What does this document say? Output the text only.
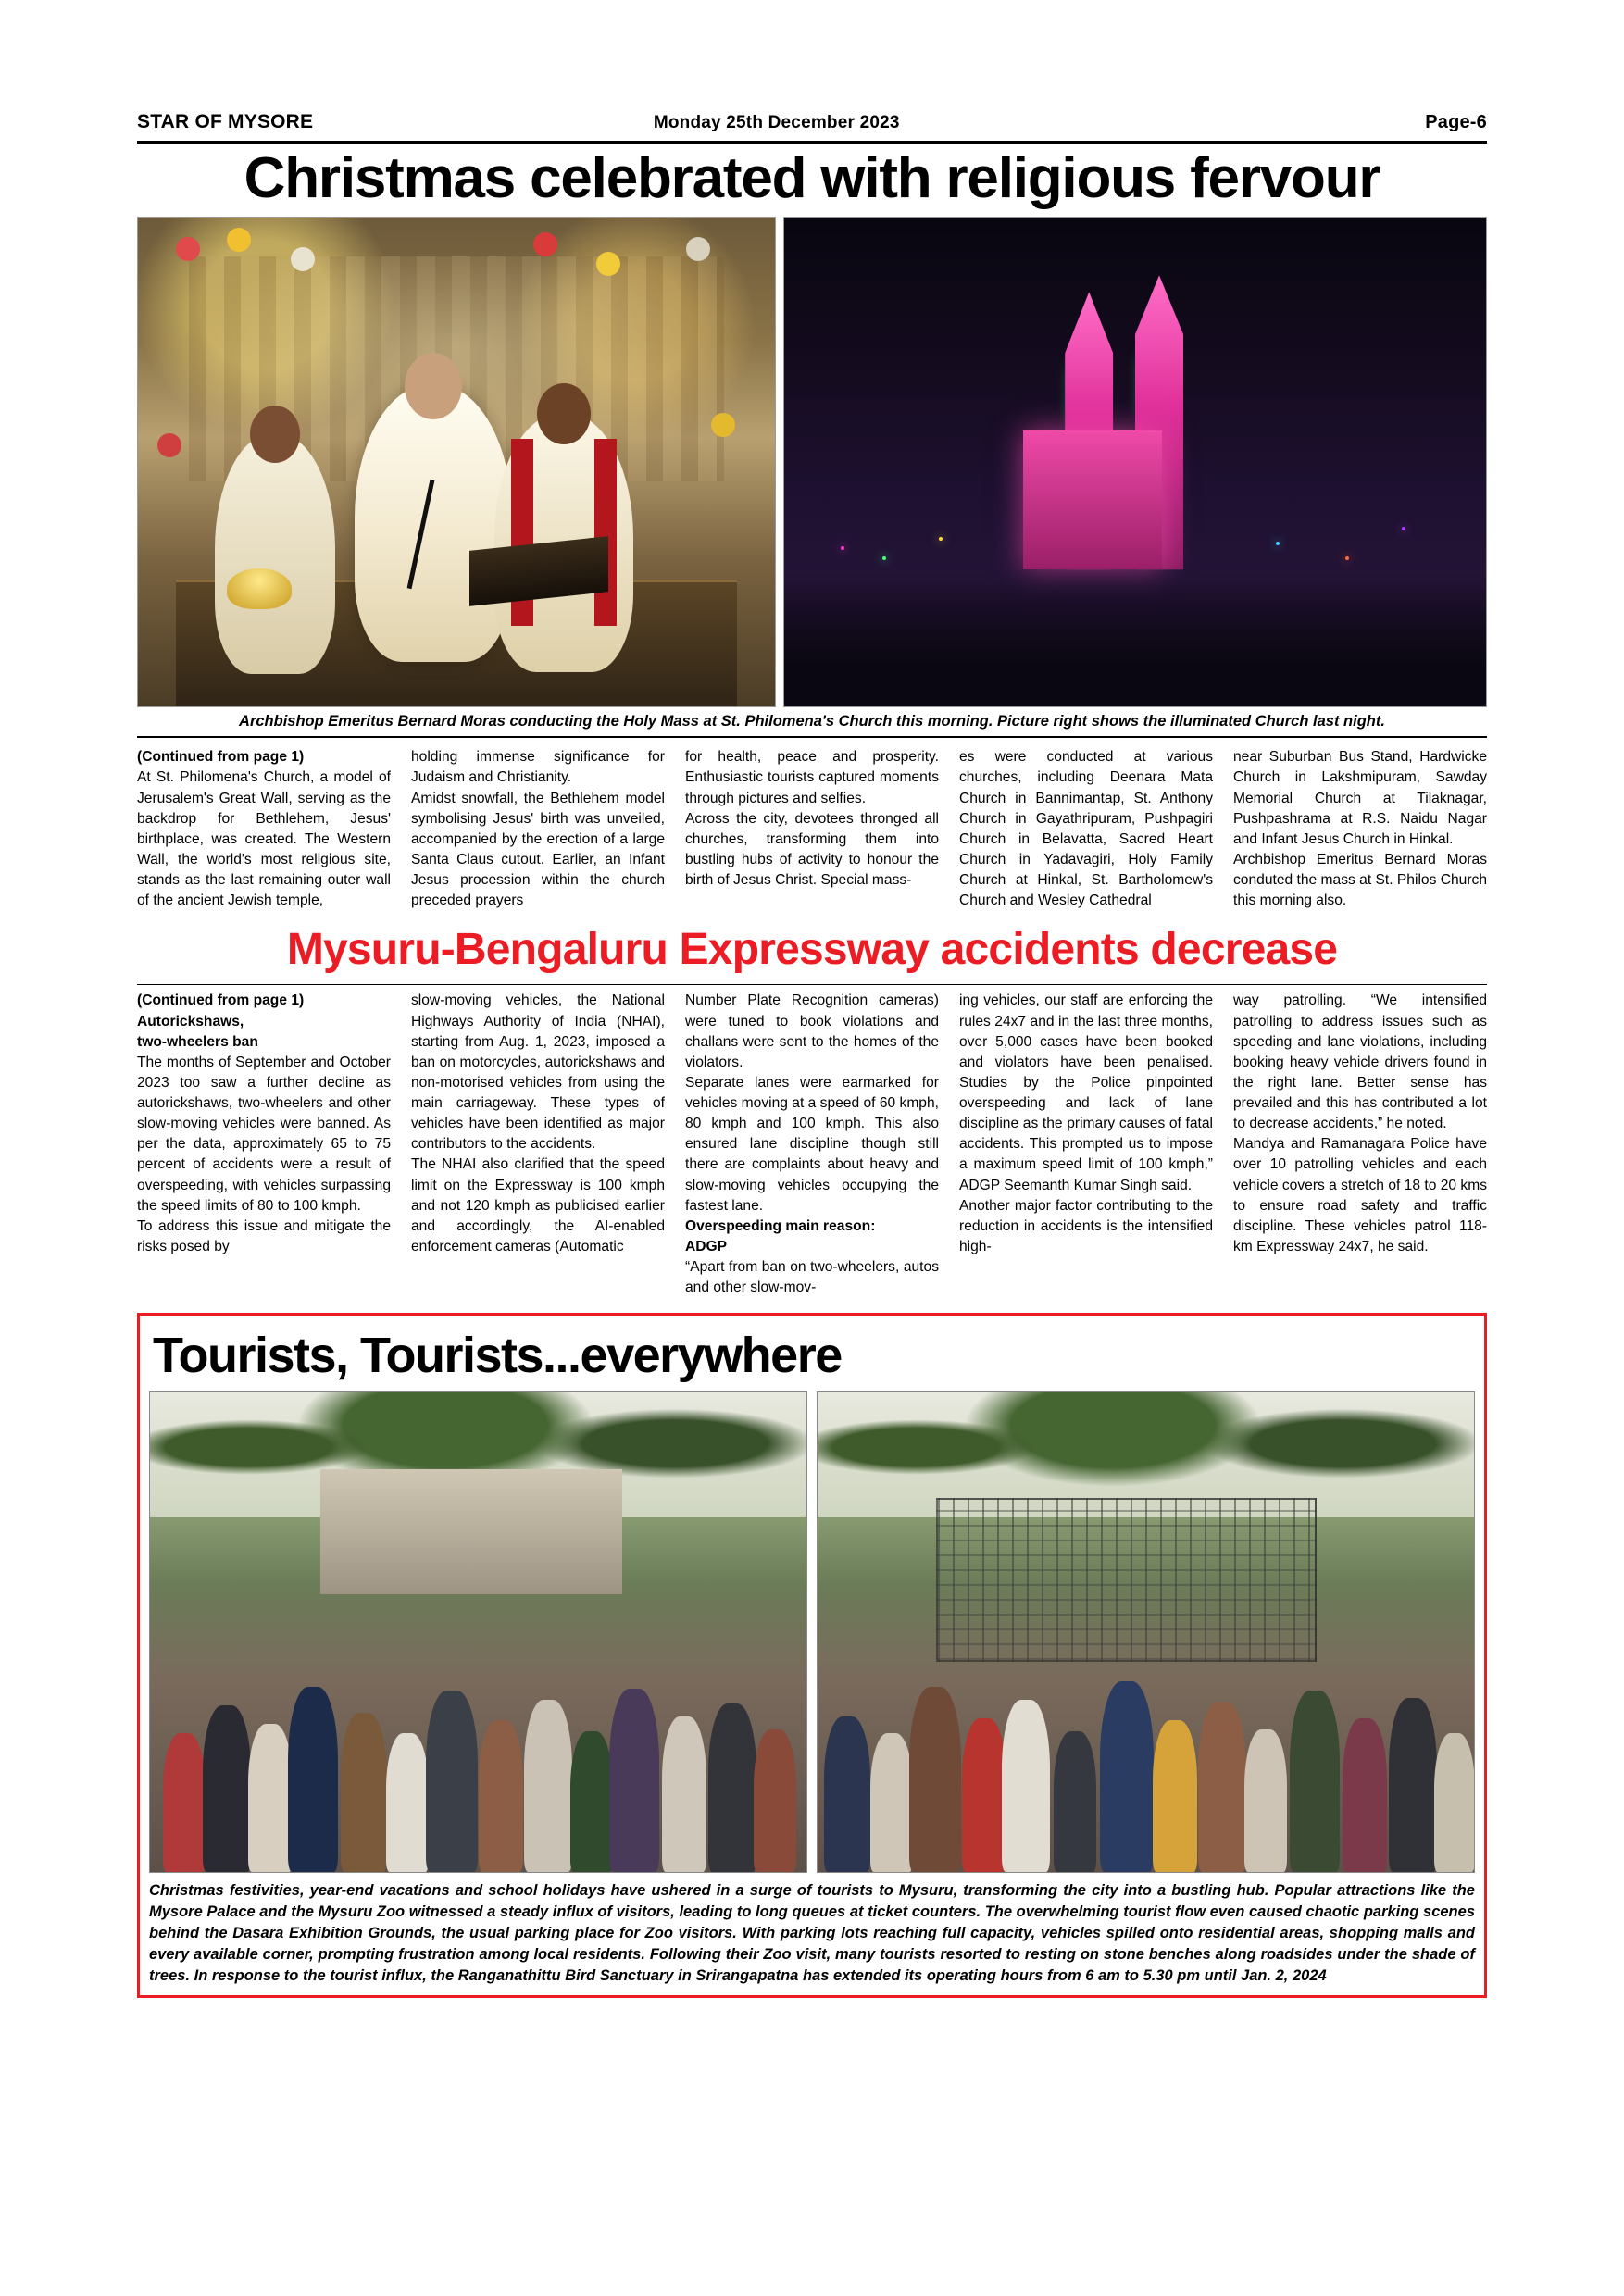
STAR OF MYSORE	Monday 25th December 2023	Page-6
Christmas celebrated with religious fervour
Archbishop Emeritus Bernard Moras conducting the Holy Mass at St. Philomena's Church this morning. Picture right shows the illuminated Church last night.

(Continued from page 1)

At St. Philomena's Church, a model of Jerusalem's Great Wall, serving as the backdrop for Bethlehem, Jesus' birthplace, was created. The Western Wall, the world's most religious site, stands as the last remaining outer wall of the ancient Jewish temple,

holding immense significance for Judaism and Christianity.

Amidst snowfall, the Bethlehem model symbolising Jesus' birth was unveiled, accompanied by the erection of a large Santa Claus cutout. Earlier, an Infant Jesus procession within the church preceded prayers

for health, peace and prosperity. Enthusiastic tourists captured moments through pictures and selfies.

Across the city, devotees thronged all churches, transforming them into bustling hubs of activity to honour the birth of Jesus Christ. Special mass-

es were conducted at various churches, including Deenara Mata Church in Bannimantap, St. Anthony Church in Gayathripuram, Pushpagiri Church in Belavatta, Sacred Heart Church in Yadavagiri, Holy Family Church at Hinkal, St. Bartholomew's Church and Wesley Cathedral

near Suburban Bus Stand, Hardwicke Church in Lakshmipuram, Sawday Memorial Church at Tilaknagar, Pushpashrama at R.S. Naidu Nagar and Infant Jesus Church in Hinkal.

Archbishop Emeritus Bernard Moras conduted the mass at St. Philos Church this morning also.

Mysuru-Bengaluru Expressway accidents decrease

(Continued from page 1)

Autorickshaws,

two-wheelers ban

The months of September and October 2023 too saw a further decline as autorickshaws, two-wheelers and other slow-moving vehicles were banned. As per the data, approximately 65 to 75 percent of accidents were a result of overspeeding, with vehicles surpassing the speed limits of 80 to 100 kmph.

To address this issue and mitigate the risks posed by

slow-moving vehicles, the National Highways Authority of India (NHAI), starting from Aug. 1, 2023, imposed a ban on motorcycles, autorickshaws and non-motorised vehicles from using the main carriageway. These types of vehicles have been identified as major contributors to the accidents.

The NHAI also clarified that the speed limit on the Expressway is 100 kmph and not 120 kmph as publicised earlier and accordingly, the AI-enabled enforcement cameras (Automatic

Number Plate Recognition cameras) were tuned to book violations and challans were sent to the homes of the violators.

Separate lanes were earmarked for vehicles moving at a speed of 60 kmph, 80 kmph and 100 kmph. This also ensured lane discipline though still there are complaints about heavy and slow-moving vehicles occupying the fastest lane.

Overspeeding main reason:

ADGP

“Apart from ban on two-wheelers, autos and other slow-mov-

ing vehicles, our staff are enforcing the rules 24x7 and in the last three months, over 5,000 cases have been booked and violators have been penalised. Studies by the Police pinpointed overspeeding and lack of lane discipline as the primary causes of fatal accidents. This prompted us to impose a maximum speed limit of 100 kmph,” ADGP Seemanth Kumar Singh said.

Another major factor contributing to the reduction in accidents is the intensified high-

way patrolling. “We intensified patrolling to address issues such as speeding and lane violations, including booking heavy vehicle drivers found in the right lane. Better sense has prevailed and this has contributed a lot to decrease accidents,” he noted.

Mandya and Ramanagara Police have over 10 patrolling vehicles and each vehicle covers a stretch of 18 to 20 kms to ensure road safety and traffic discipline. These vehicles patrol 118-km Expressway 24x7, he said.

Tourists, Tourists...everywhere
Christmas festivities, year-end vacations and school holidays have ushered in a surge of tourists to Mysuru, transforming the city into a bustling hub. Popular attractions like the Mysore Palace and the Mysuru Zoo witnessed a steady influx of visitors, leading to long queues at ticket counters. The overwhelming tourist flow even caused chaotic parking scenes behind the Dasara Exhibition Grounds, the usual parking place for Zoo visitors. With parking lots reaching full capacity, vehicles spilled onto residential areas, shopping malls and every available corner, prompting frustration among local residents. Following their Zoo visit, many tourists resorted to resting on stone benches along roadsides under the shade of trees. In response to the tourist influx, the Ranganathittu Bird Sanctuary in Srirangapatna has extended its operating hours from 6 am to 5.30 pm until Jan. 2, 2024
